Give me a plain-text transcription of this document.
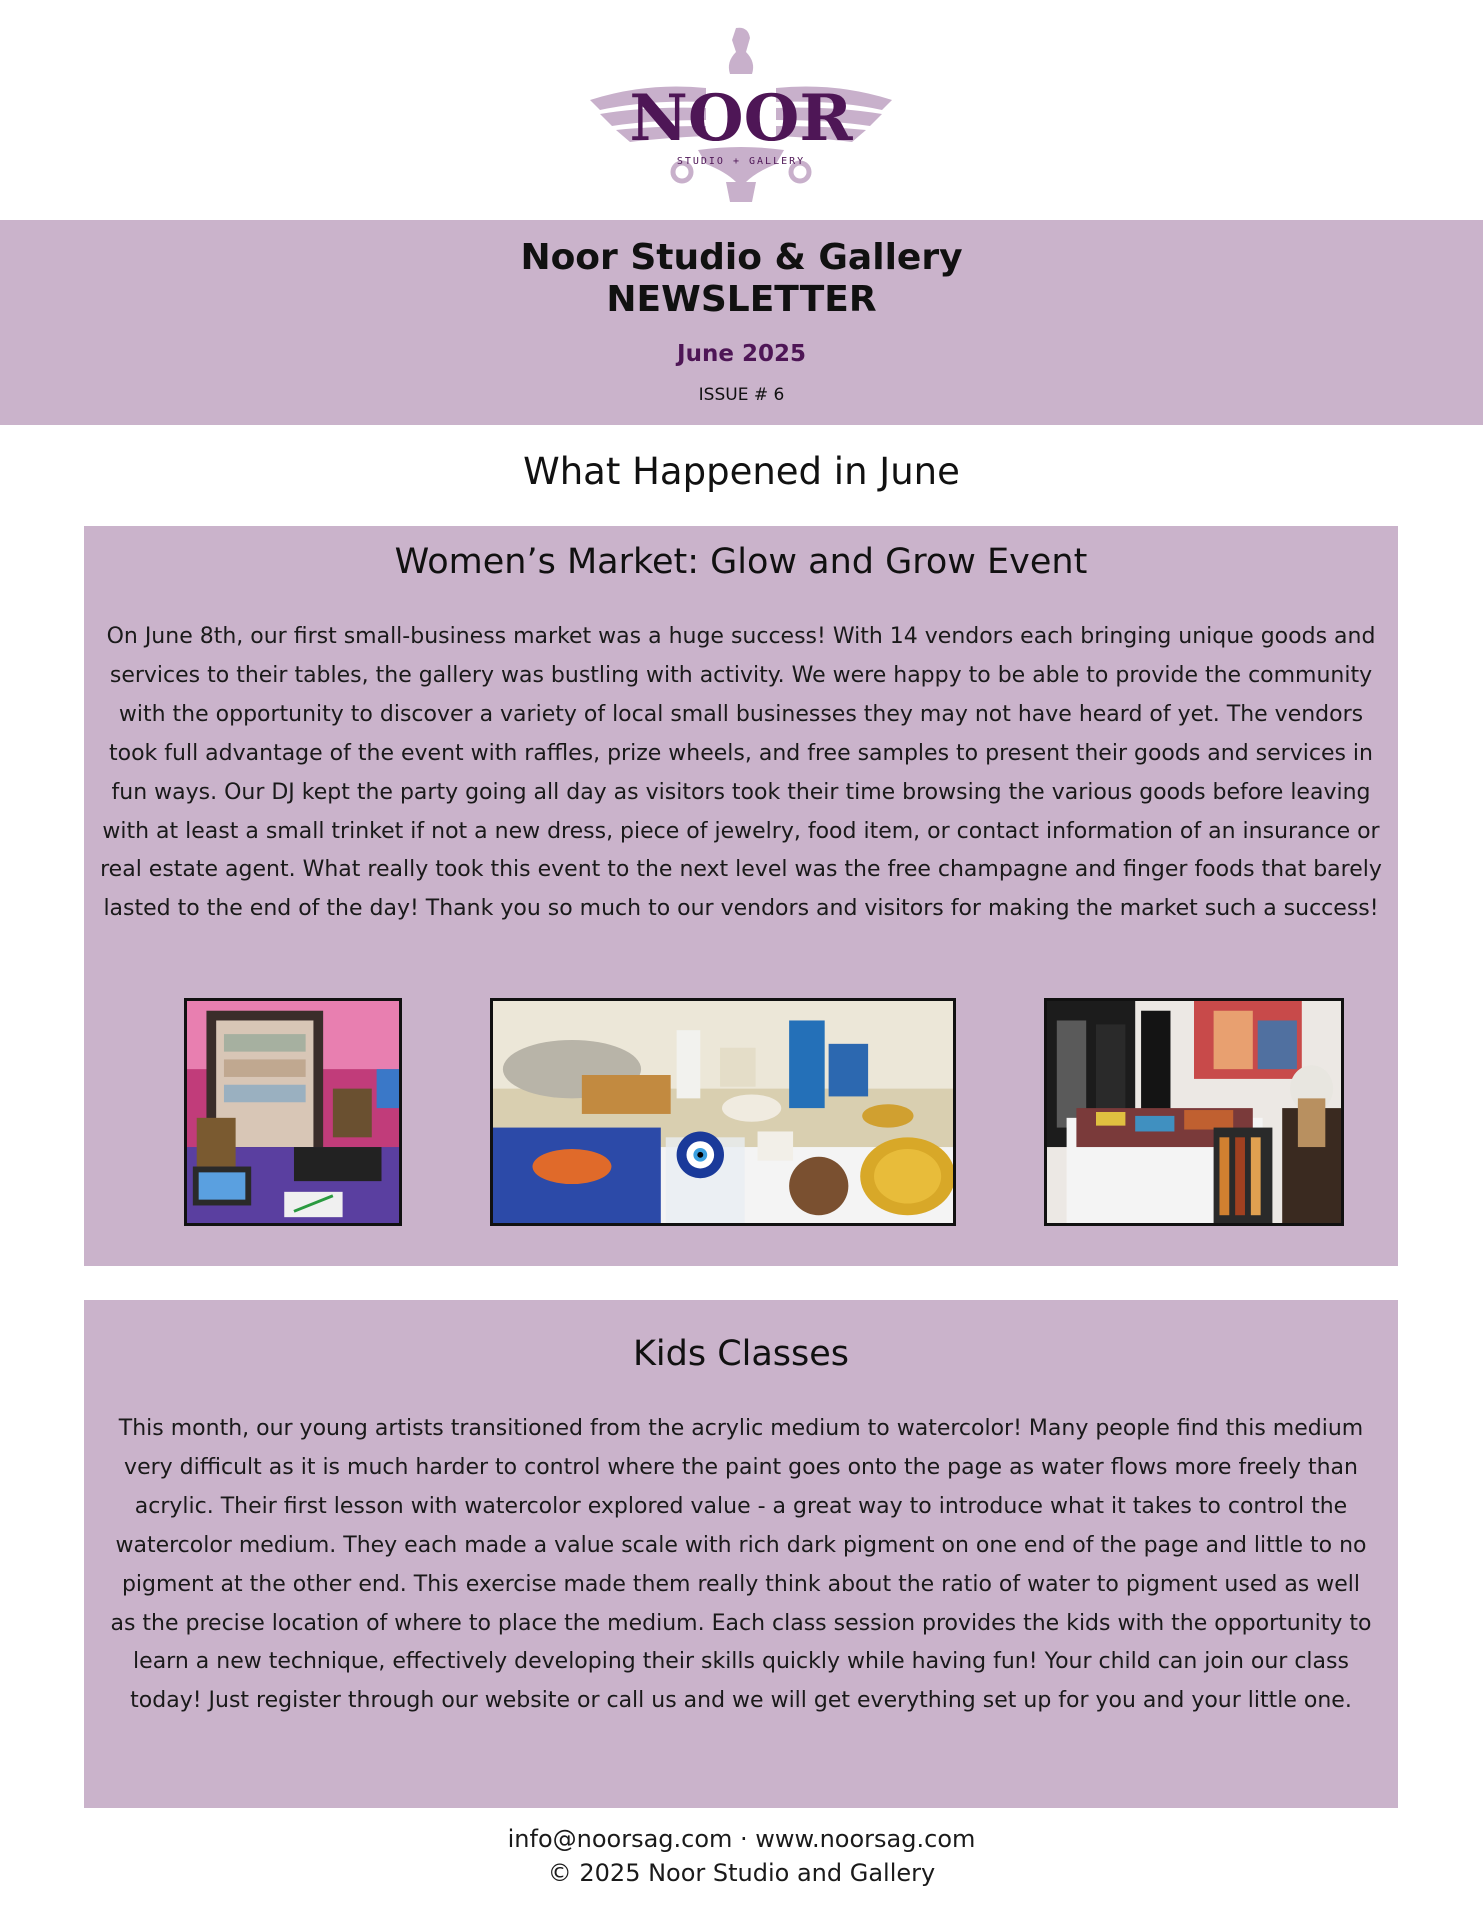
NOOR
STUDIO + GALLERY
Noor Studio & Gallery
NEWSLETTER
June 2025
ISSUE # 6
What Happened in June
Women’s Market: Glow and Grow Event

On June 8th, our first small-business market was a huge success! With 14 vendors each bringing unique goods and services to their tables, the gallery was bustling with activity. We were happy to be able to provide the community with the opportunity to discover a variety of local small businesses they may not have heard of yet. The vendors took full advantage of the event with raffles, prize wheels, and free samples to present their goods and services in fun ways. Our DJ kept the party going all day as visitors took their time browsing the various goods before leaving with at least a small trinket if not a new dress, piece of jewelry, food item, or contact information of an insurance or real estate agent. What really took this event to the next level was the free champagne and finger foods that barely lasted to the end of the day! Thank you so much to our vendors and visitors for making the market such a success!

Kids Classes

This month, our young artists transitioned from the acrylic medium to watercolor! Many people find this medium very difficult as it is much harder to control where the paint goes onto the page as water flows more freely than acrylic. Their first lesson with watercolor explored value - a great way to introduce what it takes to control the watercolor medium. They each made a value scale with rich dark pigment on one end of the page and little to no pigment at the other end. This exercise made them really think about the ratio of water to pigment used as well as the precise location of where to place the medium. Each class session provides the kids with the opportunity to learn a new technique, effectively developing their skills quickly while having fun! Your child can join our class today! Just register through our website or call us and we will get everything set up for you and your little one.

info@noorsag.com · www.noorsag.com
© 2025 Noor Studio and Gallery
